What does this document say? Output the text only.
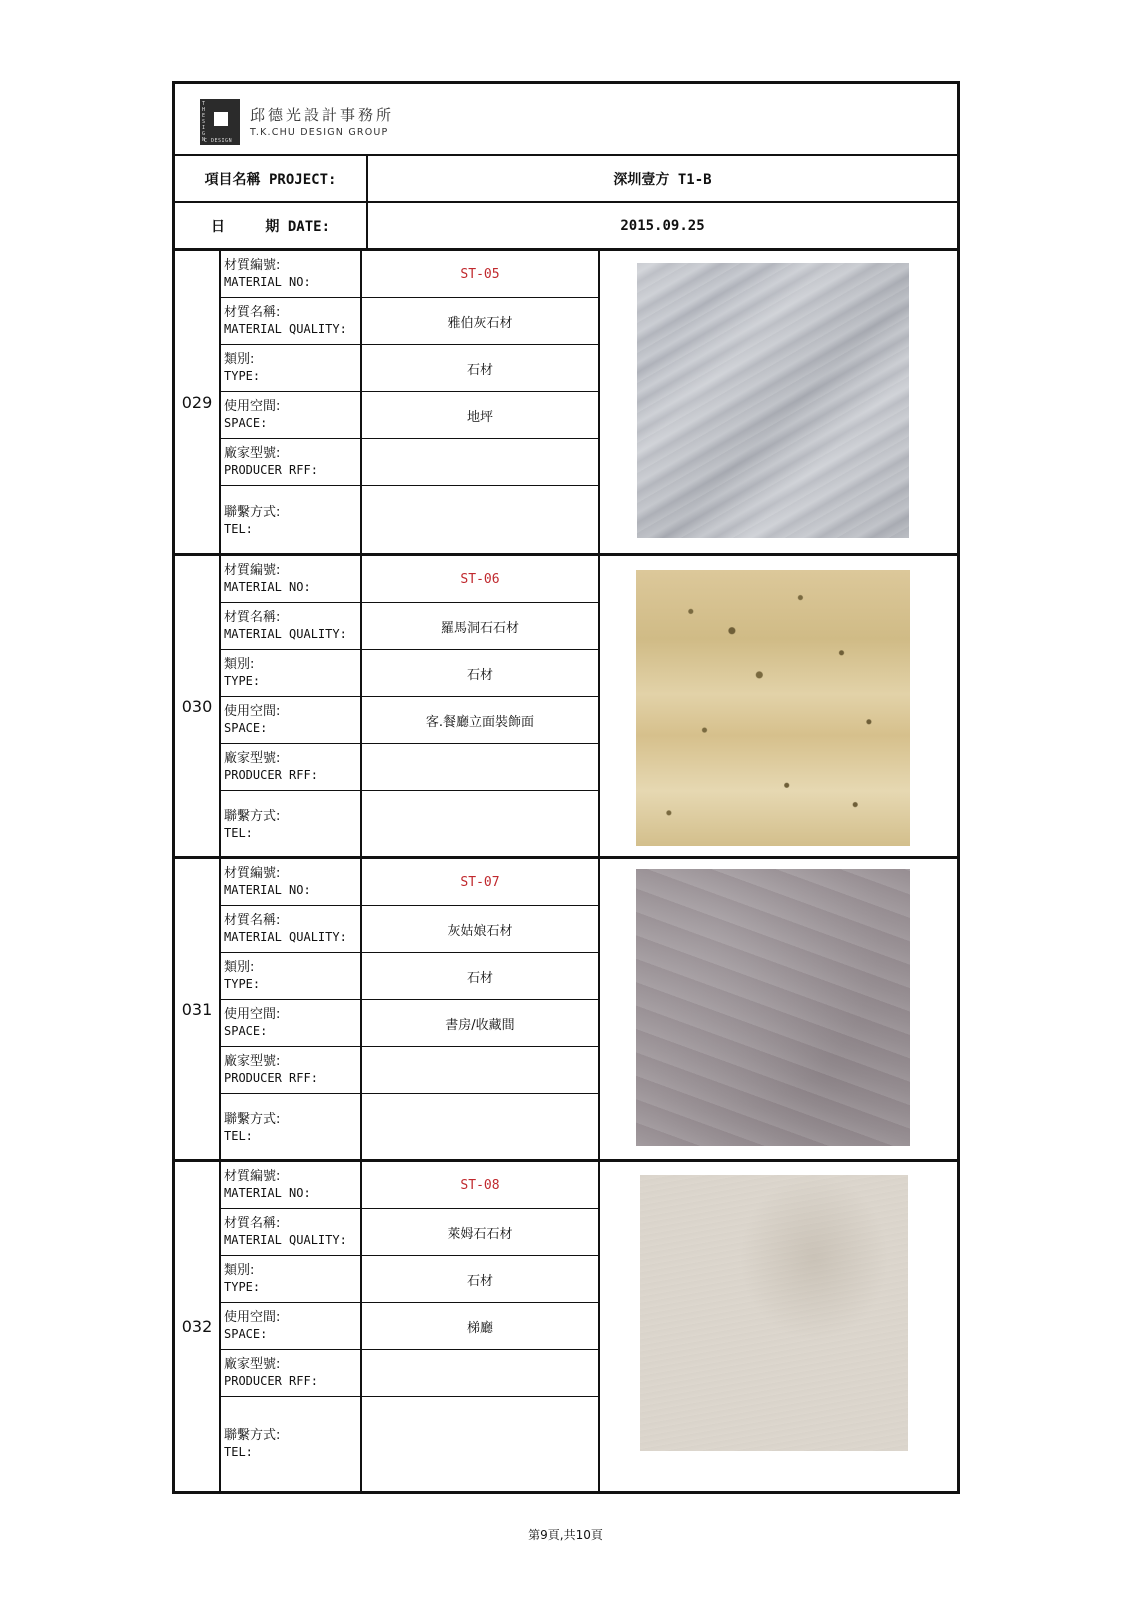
THESIGN
C DESIGN
邱德光設計事務所
T.K.CHU DESIGN GROUP
項目名稱 PROJECT:	深圳壹方 T1-B
日	期 DATE:	2015.09.25
029
材質編號:
MATERIAL NO:
ST-05
材質名稱:
MATERIAL QUALITY:	雅伯灰石材
類別:
TYPE:	石材
使用空間:
SPACE:	地坪
廠家型號:
PRODUCER RFF:
聯繫方式:
TEL:
030
材質編號:
MATERIAL NO:
ST-06
材質名稱:
MATERIAL QUALITY:	羅馬洞石石材
類別:
TYPE:	石材
使用空間:
SPACE:	客.餐廳立面裝飾面
廠家型號:
PRODUCER RFF:
聯繫方式:
TEL:
031
材質編號:
MATERIAL NO:
ST-07
材質名稱:
MATERIAL QUALITY:	灰姑娘石材
類別:
TYPE:	石材
使用空間:
SPACE:	書房/收藏間
廠家型號:
PRODUCER RFF:
聯繫方式:
TEL:
032
材質編號:
MATERIAL NO:
ST-08
材質名稱:
MATERIAL QUALITY:	萊姆石石材
類別:
TYPE:	石材
使用空間:
SPACE:	梯廳
廠家型號:
PRODUCER RFF:
聯繫方式:
TEL:
第9頁,共10頁
